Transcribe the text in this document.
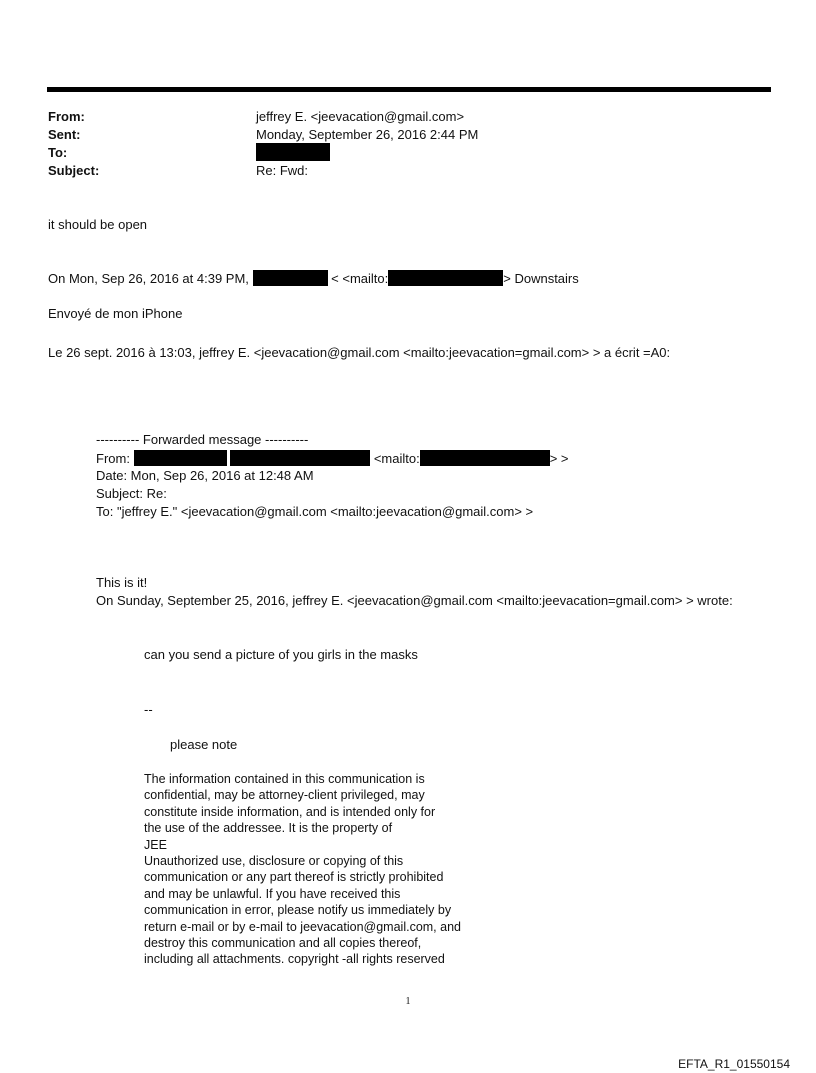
From:	jeffrey E. <jeevacation@gmail.com>
Sent:	Monday, September 26, 2016 2:44 PM
To:
Subject:	Re: Fwd:
it should be open
On Mon, Sep 26, 2016 at 4:39 PM,	< <mailto:	> Downstairs
Envoyé de mon iPhone
Le 26 sept. 2016 à 13:03, jeffrey E. <jeevacation@gmail.com <mailto:jeevacation=gmail.com> > a écrit =A0:
---------- Forwarded message ----------
From:	<mailto:	> >
Date: Mon, Sep 26, 2016 at 12:48 AM
Subject: Re:
To: "jeffrey E." <jeevacation@gmail.com <mailto:jeevacation@gmail.com> >
This is it!
On Sunday, September 25, 2016, jeffrey E. <jeevacation@gmail.com <mailto:jeevacation=gmail.com> > wrote:
can you send a picture of you girls in the masks
--
please note
The information contained in this communication is
confidential, may be attorney-client privileged, may
constitute inside information, and is intended only for
the use of the addressee. It is the property of
JEE
Unauthorized use, disclosure or copying of this
communication or any part thereof is strictly prohibited
and may be unlawful. If you have received this
communication in error, please notify us immediately by
return e-mail or by e-mail to jeevacation@gmail.com, and
destroy this communication and all copies thereof,
including all attachments. copyright -all rights reserved
1
EFTA_R1_01550154
